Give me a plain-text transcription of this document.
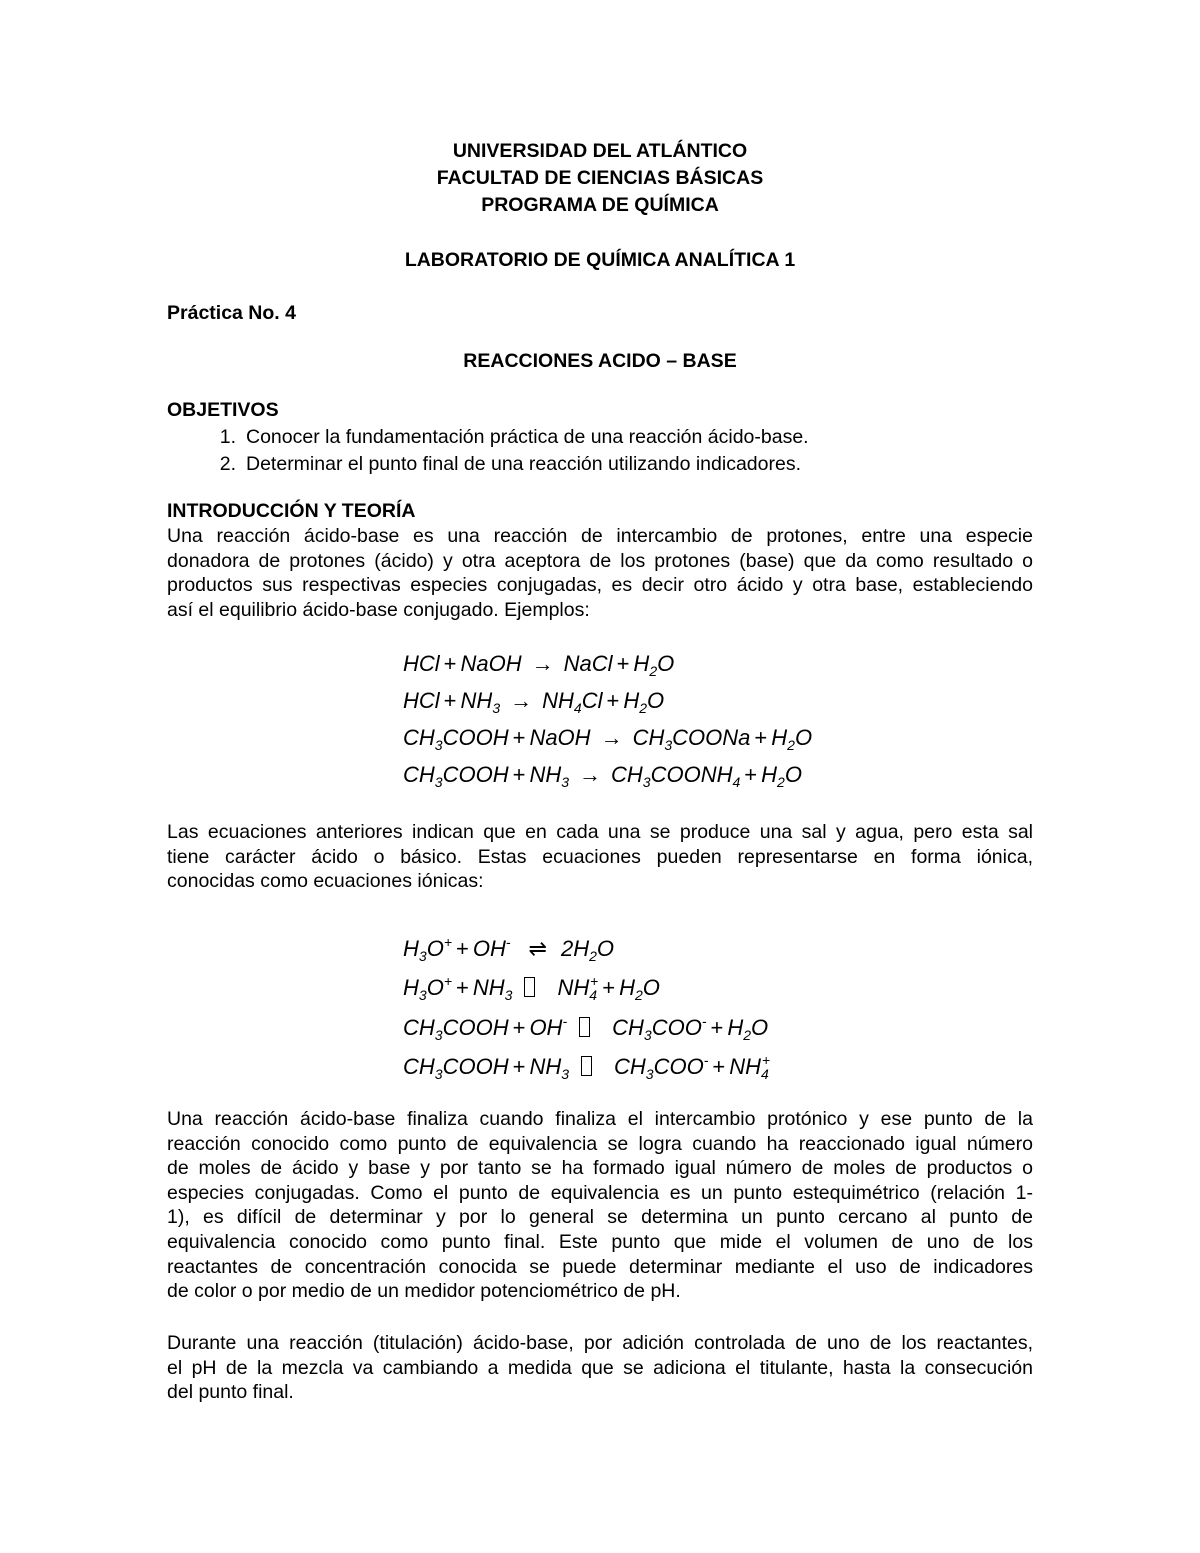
UNIVERSIDAD DEL ATLÁNTICO
FACULTAD DE CIENCIAS BÁSICAS
PROGRAMA DE QUÍMICA
LABORATORIO DE QUÍMICA ANALÍTICA 1
Práctica No. 4
REACCIONES ACIDO – BASE
OBJETIVOS
1. Conocer la fundamentación práctica de una reacción ácido-base.
2. Determinar el punto final de una reacción utilizando indicadores.
INTRODUCCIÓN Y TEORÍA
Una reacción ácido-base es una reacción de intercambio de protones, entre una especie
donadora de protones (ácido) y otra aceptora de los protones (base) que da como resultado o
productos sus respectivas especies conjugadas, es decir otro ácido y otra base, estableciendo
así el equilibrio ácido-base conjugado. Ejemplos:
HCl + NaOH → NaCl + $H_2O$
HCl + $NH_3 \to NH_4Cl + H_2O$
$CH_3COOH$ + NaOH → $CH_3COONa + H_2O$
$CH_3COOH + NH_3$ → $CH_3COONH_4 + H_2O$
Las ecuaciones anteriores indican que en cada una se produce una sal y agua, pero esta sal
tiene carácter ácido o básico. Estas ecuaciones pueden representarse en forma iónica,
conocidas como ecuaciones iónicas:
$H_3O^+ + OH^-$ ⇌ $2H_2O$
$H_3O^+ + NH_3$ $NH_4^+ + H_2O$
$CH_3COOH + OH^-$ $CH_3COO^- + H_2O$
$CH_3COOH + NH_3$ $CH_3COO^- + NH_4^+$
Una reacción ácido-base finaliza cuando finaliza el intercambio protónico y ese punto de la
reacción conocido como punto de equivalencia se logra cuando ha reaccionado igual número
de moles de ácido y base y por tanto se ha formado igual número de moles de productos o
especies conjugadas. Como el punto de equivalencia es un punto estequimétrico (relación 1-
1), es difícil de determinar y por lo general se determina un punto cercano al punto de
equivalencia conocido como punto final. Este punto que mide el volumen de uno de los
reactantes de concentración conocida se puede determinar mediante el uso de indicadores
de color o por medio de un medidor potenciométrico de pH.
Durante una reacción (titulación) ácido-base, por adición controlada de uno de los reactantes,
el pH de la mezcla va cambiando a medida que se adiciona el titulante, hasta la consecución
del punto final.
